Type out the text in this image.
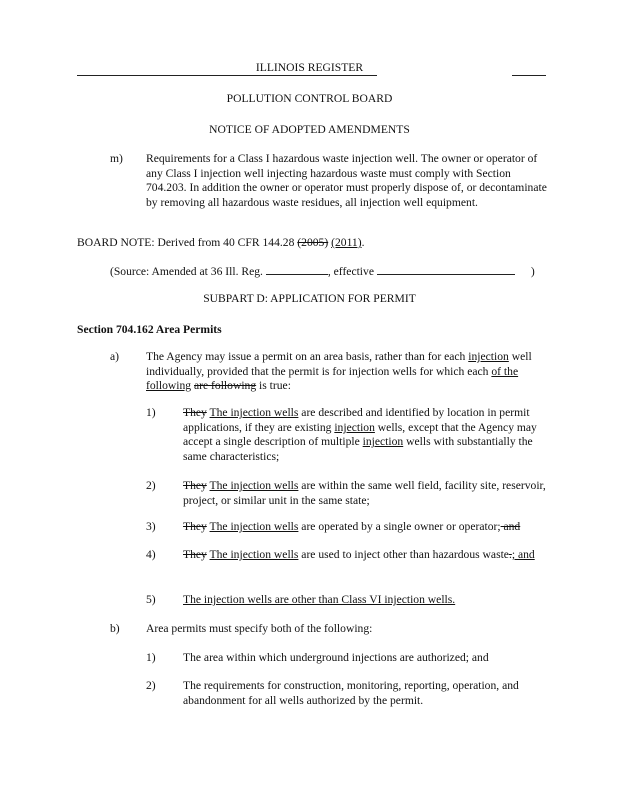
ILLINOIS REGISTER
POLLUTION CONTROL BOARD
NOTICE OF ADOPTED AMENDMENTS
m) Requirements for a Class I hazardous waste injection well. The owner or operator of any Class I injection well injecting hazardous waste must comply with Section 704.203. In addition the owner or operator must properly dispose of, or decontaminate by removing all hazardous waste residues, all injection well equipment.
BOARD NOTE: Derived from 40 CFR 144.28 (2005) (2011).
(Source: Amended at 36 Ill. Reg.	, effective	)
SUBPART D: APPLICATION FOR PERMIT
Section 704.162 Area Permits
a) The Agency may issue a permit on an area basis, rather than for each injection well individually, provided that the permit is for injection wells for which each of the following are following is true:
1) They The injection wells are described and identified by location in permit applications, if they are existing injection wells, except that the Agency may accept a single description of multiple injection wells with substantially the same characteristics;
2) They The injection wells are within the same well field, facility site, reservoir, project, or similar unit in the same state;
3) They The injection wells are operated by a single owner or operator; and
4) They The injection wells are used to inject other than hazardous waste.; and
5) The injection wells are other than Class VI injection wells.
b) Area permits must specify both of the following:
1) The area within which underground injections are authorized; and
2) The requirements for construction, monitoring, reporting, operation, and abandonment for all wells authorized by the permit.
